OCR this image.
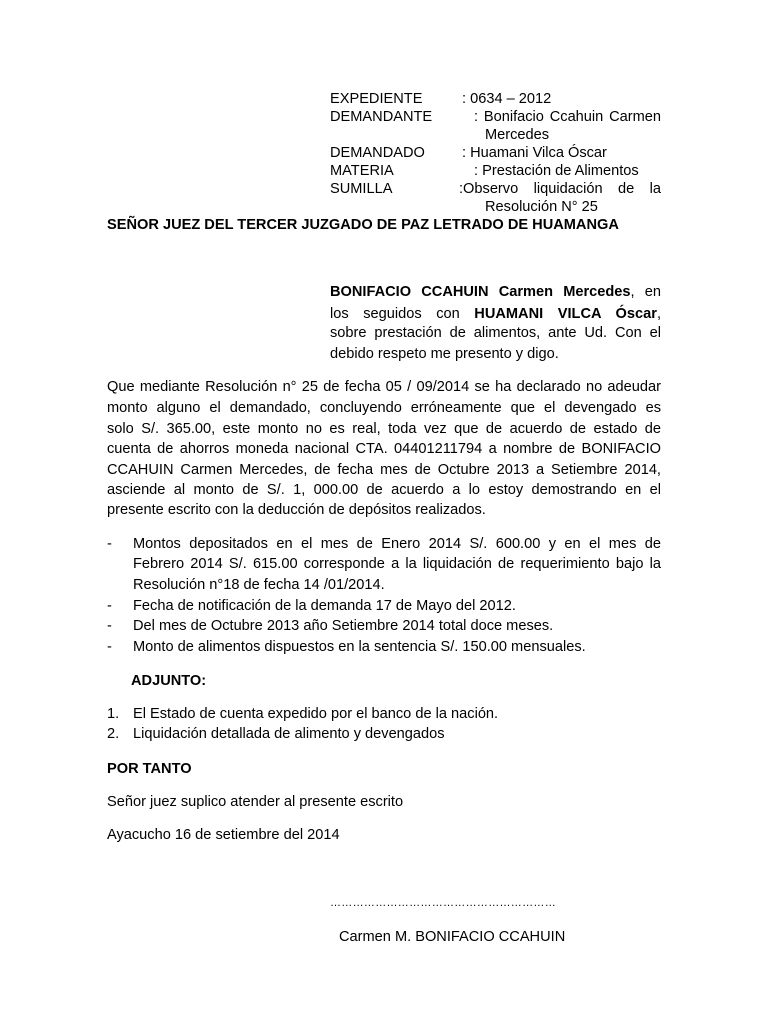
EXPEDIENTE	: 0634 – 2012
DEMANDANTE	: Bonifacio Ccahuin Carmen
Mercedes
DEMANDADO	: Huamani Vilca Óscar
MATERIA	: Prestación de Alimentos
SUMILLA	:Observo liquidación de la
Resolución N° 25
SEÑOR JUEZ DEL TERCER JUZGADO DE PAZ LETRADO DE HUAMANGA
BONIFACIO CCAHUIN Carmen Mercedes, en
los seguidos con HUAMANI VILCA Óscar,
sobre prestación de alimentos, ante Ud. Con el
debido respeto me presento y digo.
Que mediante Resolución n° 25 de fecha 05 / 09/2014 se ha declarado no adeudar
monto alguno el demandado, concluyendo erróneamente que el devengado es
solo S/. 365.00, este monto no es real, toda vez que de acuerdo de estado de
cuenta de ahorros moneda nacional CTA. 04401211794 a nombre de BONIFACIO
CCAHUIN Carmen Mercedes, de fecha mes de Octubre 2013 a Setiembre 2014,
asciende al monto de S/. 1, 000.00 de acuerdo a lo estoy demostrando en el
presente escrito con la deducción de depósitos realizados.
- Montos depositados en el mes de Enero 2014 S/. 600.00 y en el mes de
Febrero 2014 S/. 615.00 corresponde a la liquidación de requerimiento bajo la
Resolución n°18 de fecha 14 /01/2014.
- Fecha de notificación de la demanda 17 de Mayo del 2012.
- Del mes de Octubre 2013 año Setiembre 2014 total doce meses.
- Monto de alimentos dispuestos en la sentencia S/. 150.00 mensuales.
ADJUNTO:
1. El Estado de cuenta expedido por el banco de la nación.
2. Liquidación detallada de alimento y devengados
POR TANTO
Señor juez suplico atender al presente escrito
Ayacucho 16 de setiembre del 2014
……………………………………………………
Carmen M. BONIFACIO CCAHUIN
